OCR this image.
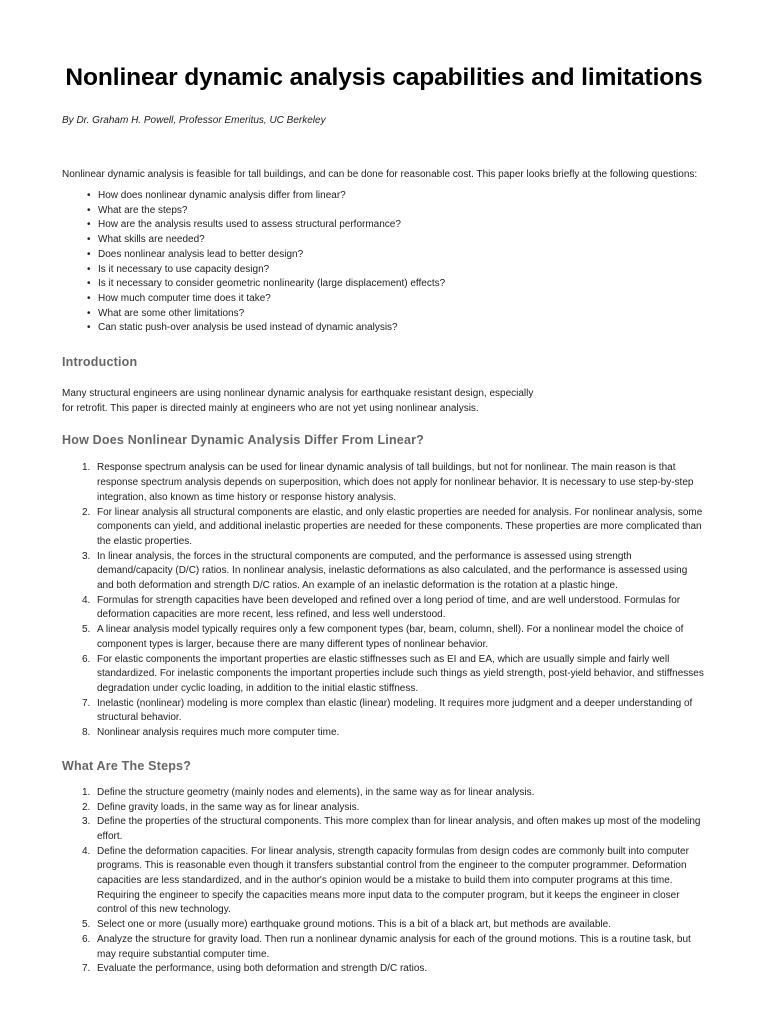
Nonlinear dynamic analysis capabilities and limitations

By Dr. Graham H. Powell, Professor Emeritus, UC Berkeley

Nonlinear dynamic analysis is feasible for tall buildings, and can be done for reasonable cost. This paper looks briefly at the following questions:

• How does nonlinear dynamic analysis differ from linear?
• What are the steps?
• How are the analysis results used to assess structural performance?
• What skills are needed?
• Does nonlinear analysis lead to better design?
• Is it necessary to use capacity design?
• Is it necessary to consider geometric nonlinearity (large displacement) effects?
• How much computer time does it take?
• What are some other limitations?
• Can static push-over analysis be used instead of dynamic analysis?
Introduction
Many structural engineers are using nonlinear dynamic analysis for earthquake resistant design, especially
for retrofit. This paper is directed mainly at engineers who are not yet using nonlinear analysis.
How Does Nonlinear Dynamic Analysis Differ From Linear?
1. Response spectrum analysis can be used for linear dynamic analysis of tall buildings, but not for nonlinear. The main reason is that
response spectrum analysis depends on superposition, which does not apply for nonlinear behavior. It is necessary to use step-by-step
integration, also known as time history or response history analysis.
2. For linear analysis all structural components are elastic, and only elastic properties are needed for analysis. For nonlinear analysis, some
components can yield, and additional inelastic properties are needed for these components. These properties are more complicated than
the elastic properties.
3. In linear analysis, the forces in the structural components are computed, and the performance is assessed using strength
demand/capacity (D/C) ratios. In nonlinear analysis, inelastic deformations as also calculated, and the performance is assessed using
and both deformation and strength D/C ratios. An example of an inelastic deformation is the rotation at a plastic hinge.
4. Formulas for strength capacities have been developed and refined over a long period of time, and are well understood. Formulas for
deformation capacities are more recent, less refined, and less well understood.
5. A linear analysis model typically requires only a few component types (bar, beam, column, shell). For a nonlinear model the choice of
component types is larger, because there are many different types of nonlinear behavior.
6. For elastic components the important properties are elastic stiffnesses such as EI and EA, which are usually simple and fairly well
standardized. For inelastic components the important properties include such things as yield strength, post-yield behavior, and stiffnesses
degradation under cyclic loading, in addition to the initial elastic stiffness.
7. Inelastic (nonlinear) modeling is more complex than elastic (linear) modeling. It requires more judgment and a deeper understanding of
structural behavior.
8. Nonlinear analysis requires much more computer time.
What Are The Steps?
1. Define the structure geometry (mainly nodes and elements), in the same way as for linear analysis.
2. Define gravity loads, in the same way as for linear analysis.
3. Define the properties of the structural components. This more complex than for linear analysis, and often makes up most of the modeling
effort.
4. Define the deformation capacities. For linear analysis, strength capacity formulas from design codes are commonly built into computer
programs. This is reasonable even though it transfers substantial control from the engineer to the computer programmer. Deformation
capacities are less standardized, and in the author's opinion would be a mistake to build them into computer programs at this time.
Requiring the engineer to specify the capacities means more input data to the computer program, but it keeps the engineer in closer
control of this new technology.
5. Select one or more (usually more) earthquake ground motions. This is a bit of a black art, but methods are available.
6. Analyze the structure for gravity load. Then run a nonlinear dynamic analysis for each of the ground motions. This is a routine task, but
may require substantial computer time.
7. Evaluate the performance, using both deformation and strength D/C ratios.
